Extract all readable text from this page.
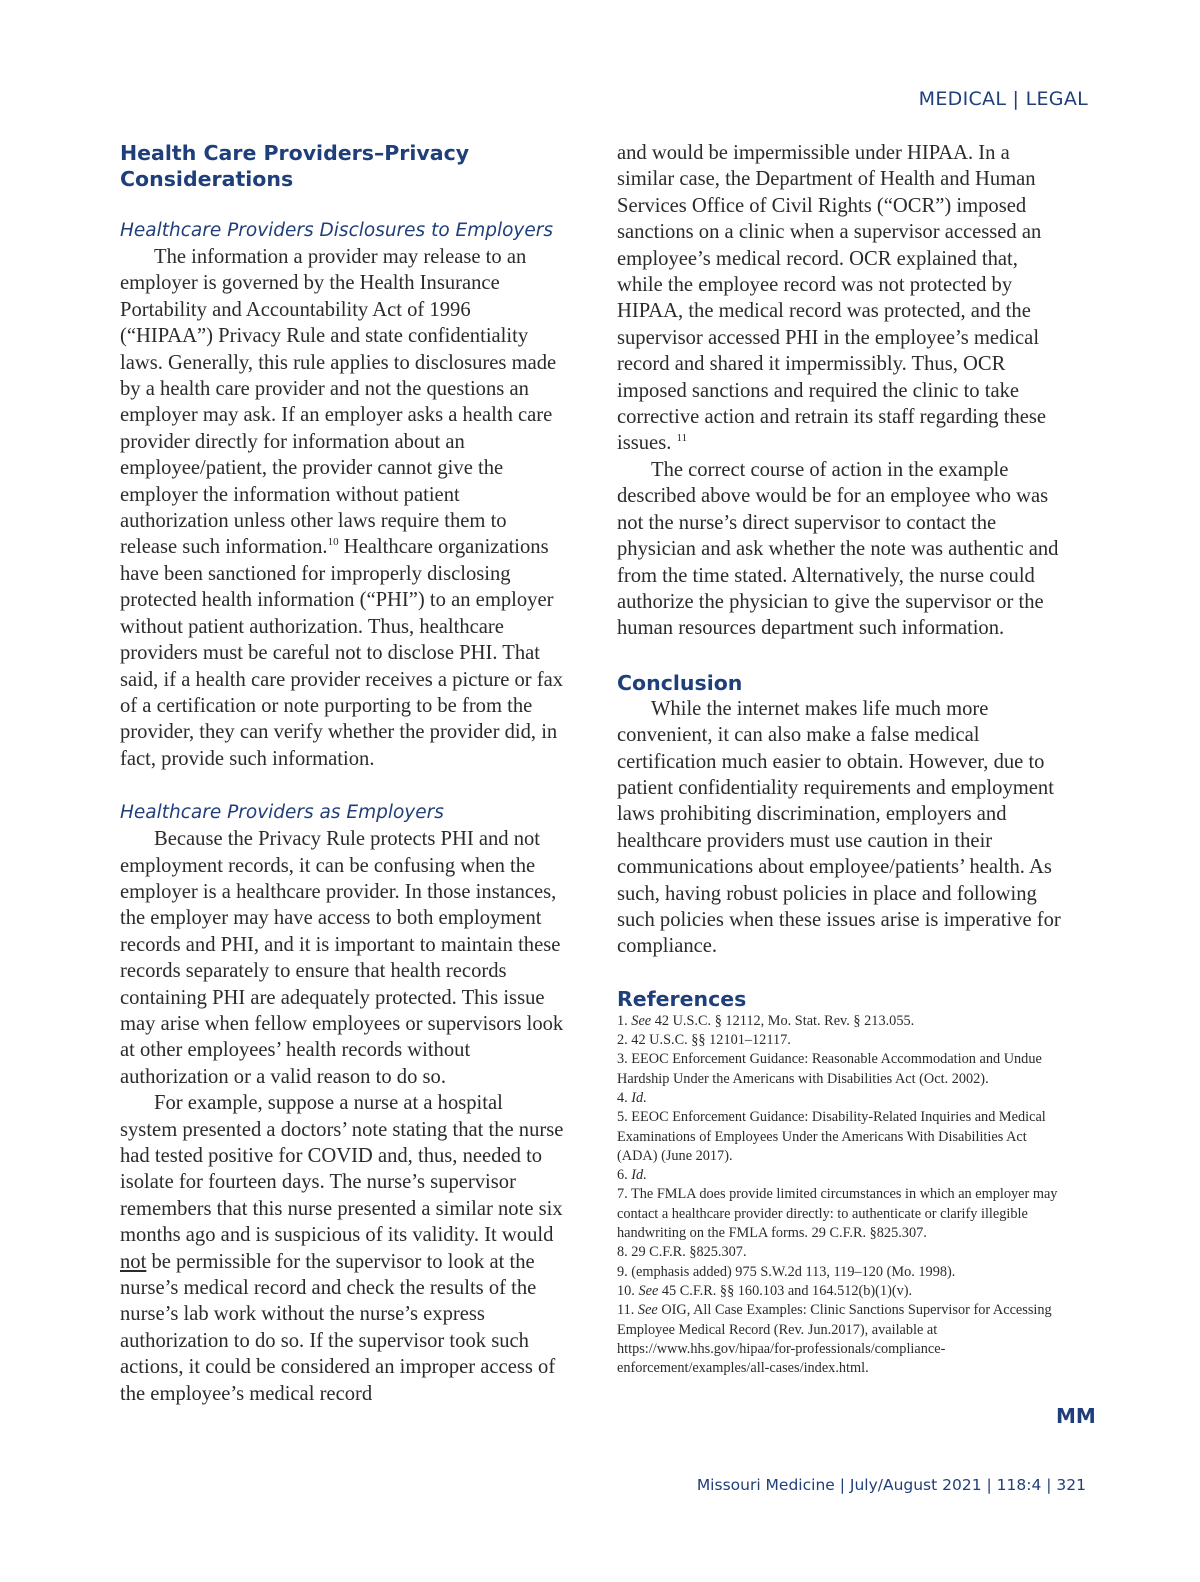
MEDICAL | LEGAL
Health Care Providers–Privacy Considerations
Healthcare Providers Disclosures to Employers

The information a provider may release to an employer is governed by the Health Insurance Portability and Accountability Act of 1996 (“HIPAA”) Privacy Rule and state confidentiality laws. Generally, this rule applies to disclosures made by a health care provider and not the questions an employer may ask. If an employer asks a health care provider directly for information about an employee/patient, the provider cannot give the employer the information without patient authorization unless other laws require them to release such information.$^{10}$ Healthcare organizations have been sanctioned for improperly disclosing protected health information (“PHI”) to an employer without patient authorization. Thus, healthcare providers must be careful not to disclose PHI. That said, if a health care provider receives a picture or fax of a certification or note purporting to be from the provider, they can verify whether the provider did, in fact, provide such information.

Healthcare Providers as Employers

Because the Privacy Rule protects PHI and not employment records, it can be confusing when the employer is a healthcare provider. In those instances, the employer may have access to both employment records and PHI, and it is important to maintain these records separately to ensure that health records containing PHI are adequately protected. This issue may arise when fellow employees or supervisors look at other employees’ health records without authorization or a valid reason to do so.

For example, suppose a nurse at a hospital system presented a doctors’ note stating that the nurse had tested positive for COVID and, thus, needed to isolate for fourteen days. The nurse’s supervisor remembers that this nurse presented a similar note six months ago and is suspicious of its validity. It would not be permissible for the supervisor to look at the nurse’s medical record and check the results of the nurse’s lab work without the nurse’s express authorization to do so. If the supervisor took such actions, it could be considered an improper access of the employee’s medical record

and would be impermissible under HIPAA. In a similar case, the Department of Health and Human Services Office of Civil Rights (“OCR”) imposed sanctions on a clinic when a supervisor accessed an employee’s medical record. OCR explained that, while the employee record was not protected by HIPAA, the medical record was protected, and the supervisor accessed PHI in the employee’s medical record and shared it impermissibly. Thus, OCR imposed sanctions and required the clinic to take corrective action and retrain its staff regarding these issues. $^{11}$

The correct course of action in the example described above would be for an employee who was not the nurse’s direct supervisor to contact the physician and ask whether the note was authentic and from the time stated. Alternatively, the nurse could authorize the physician to give the supervisor or the human resources department such information.

Conclusion

While the internet makes life much more convenient, it can also make a false medical certification much easier to obtain. However, due to patient confidentiality requirements and employment laws prohibiting discrimination, employers and healthcare providers must use caution in their communications about employee/patients’ health. As such, having robust policies in place and following such policies when these issues arise is imperative for compliance.

References
1. See 42 U.S.C. § 12112, Mo. Stat. Rev. § 213.055.
2. 42 U.S.C. §§ 12101–12117.
3. EEOC Enforcement Guidance: Reasonable Accommodation and Undue Hardship Under the Americans with Disabilities Act (Oct. 2002).
4. Id.
5. EEOC Enforcement Guidance: Disability-Related Inquiries and Medical Examinations of Employees Under the Americans With Disabilities Act (ADA) (June 2017).
6. Id.
7. The FMLA does provide limited circumstances in which an employer may contact a healthcare provider directly: to authenticate or clarify illegible handwriting on the FMLA forms. 29 C.F.R. §825.307.
8. 29 C.F.R. §825.307.
9. (emphasis added) 975 S.W.2d 113, 119–120 (Mo. 1998).
10. See 45 C.F.R. §§ 160.103 and 164.512(b)(1)(v).
11. See OIG, All Case Examples: Clinic Sanctions Supervisor for Accessing Employee Medical Record (Rev. Jun.2017), available at https://www.hhs.gov/hipaa/for-professionals/compliance-enforcement/examples/all-cases/index.html.
MM
Missouri Medicine | July/August 2021 | 118:4 | 321
